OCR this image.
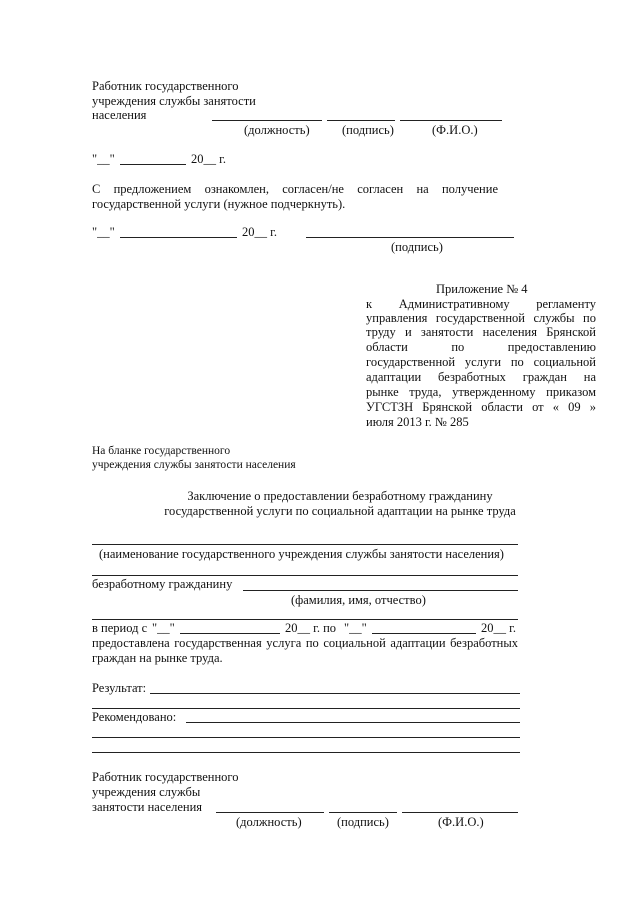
Работник государственного
учреждения службы занятости
населения
(должность)	(подпись)	(Ф.И.О.)
"__"	20__ г.
С предложением ознакомлен, согласен/не согласен на получение
государственной услуги (нужное подчеркнуть).
"__"	20__ г.
(подпись)
Приложение № 4
к Административному регламенту
управления государственной службы по
труду и занятости населения Брянской
области по предоставлению
государственной услуги по социальной
адаптации безработных граждан на
рынке труда, утвержденному приказом
УГСТЗН Брянской области от « 09 »
июля 2013 г. № 285
На бланке государственного
учреждения службы занятости населения
Заключение о предоставлении безработному гражданину
государственной услуги по социальной адаптации на рынке труда
(наименование государственного учреждения службы занятости населения)
безработному гражданину
(фамилия, имя, отчество)
в период с "__"	20__ г. по "__"	20__ г.
предоставлена государственная услуга по социальной адаптации безработных
граждан на рынке труда.
Результат:
Рекомендовано:
Работник государственного
учреждения службы
занятости населения
(должность)	(подпись)	(Ф.И.О.)
